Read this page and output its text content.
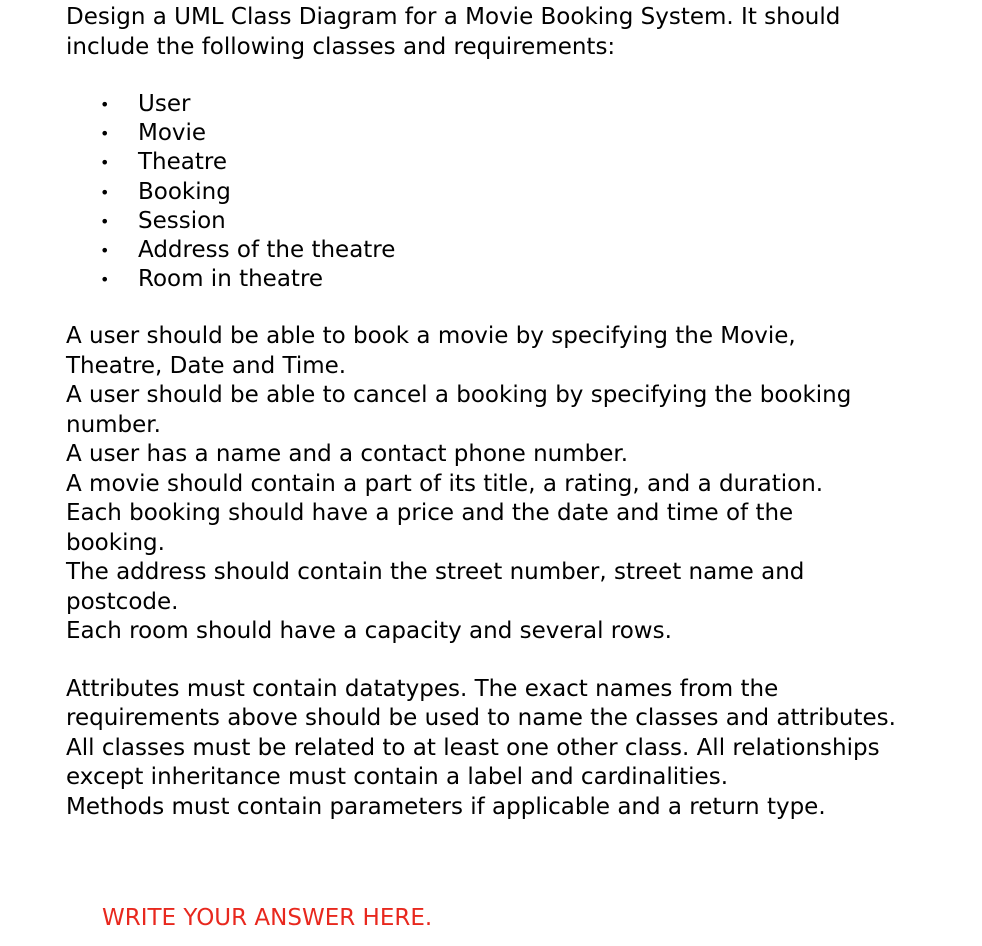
Design a UML Class Diagram for a Movie Booking System. It should
include the following classes and requirements:
• User
• Movie
• Theatre
• Booking
• Session
• Address of the theatre
• Room in theatre
A user should be able to book a movie by specifying the Movie,
Theatre, Date and Time.
A user should be able to cancel a booking by specifying the booking
number.
A user has a name and a contact phone number.
A movie should contain a part of its title, a rating, and a duration.
Each booking should have a price and the date and time of the
booking.
The address should contain the street number, street name and
postcode.
Each room should have a capacity and several rows.
Attributes must contain datatypes. The exact names from the
requirements above should be used to name the classes and attributes.
All classes must be related to at least one other class. All relationships
except inheritance must contain a label and cardinalities.
Methods must contain parameters if applicable and a return type.
WRITE YOUR ANSWER HERE.
